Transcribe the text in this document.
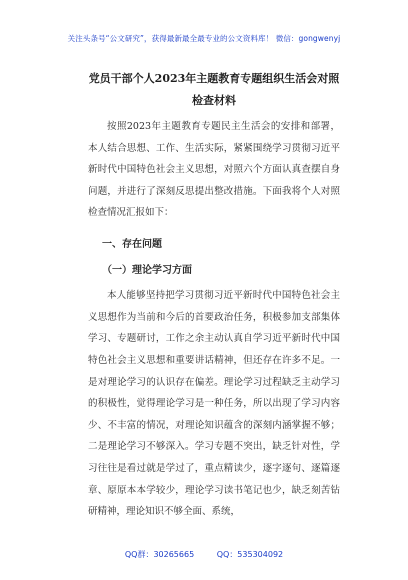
关注头条号“公文研究”，获得最新最全最专业的公文资料库！ 微信：gongwenyj
党员干部个人2023年主题教育专题组织生活会对照检查材料

按照2023年主题教育专题民主生活会的安排和部署，本人结合思想、工作、生活实际，紧紧围绕学习贯彻习近平新时代中国特色社会主义思想，对照六个方面认真查摆自身问题，并进行了深刻反思提出整改措施。下面我将个人对照检查情况汇报如下：

一、存在问题
（一）理论学习方面

本人能够坚持把学习贯彻习近平新时代中国特色社会主义思想作为当前和今后的首要政治任务，积极参加支部集体学习、专题研讨，工作之余主动认真自学习近平新时代中国特色社会主义思想和重要讲话精神，但还存在许多不足。一是对理论学习的认识存在偏差。理论学习过程缺乏主动学习的积极性，觉得理论学习是一种任务，所以出现了学习内容少、不丰富的情况，对理论知识蕴含的深刻内涵掌握不够；二是理论学习不够深入。学习专题不突出，缺乏针对性，学习往往是看过就是学过了，重点精读少，逐字逐句、逐篇逐章、原原本本学较少，理论学习读书笔记也少，缺乏刻苦钻研精神，理论知识不够全面、系统，

QQ群：30265665	QQ：535304092
